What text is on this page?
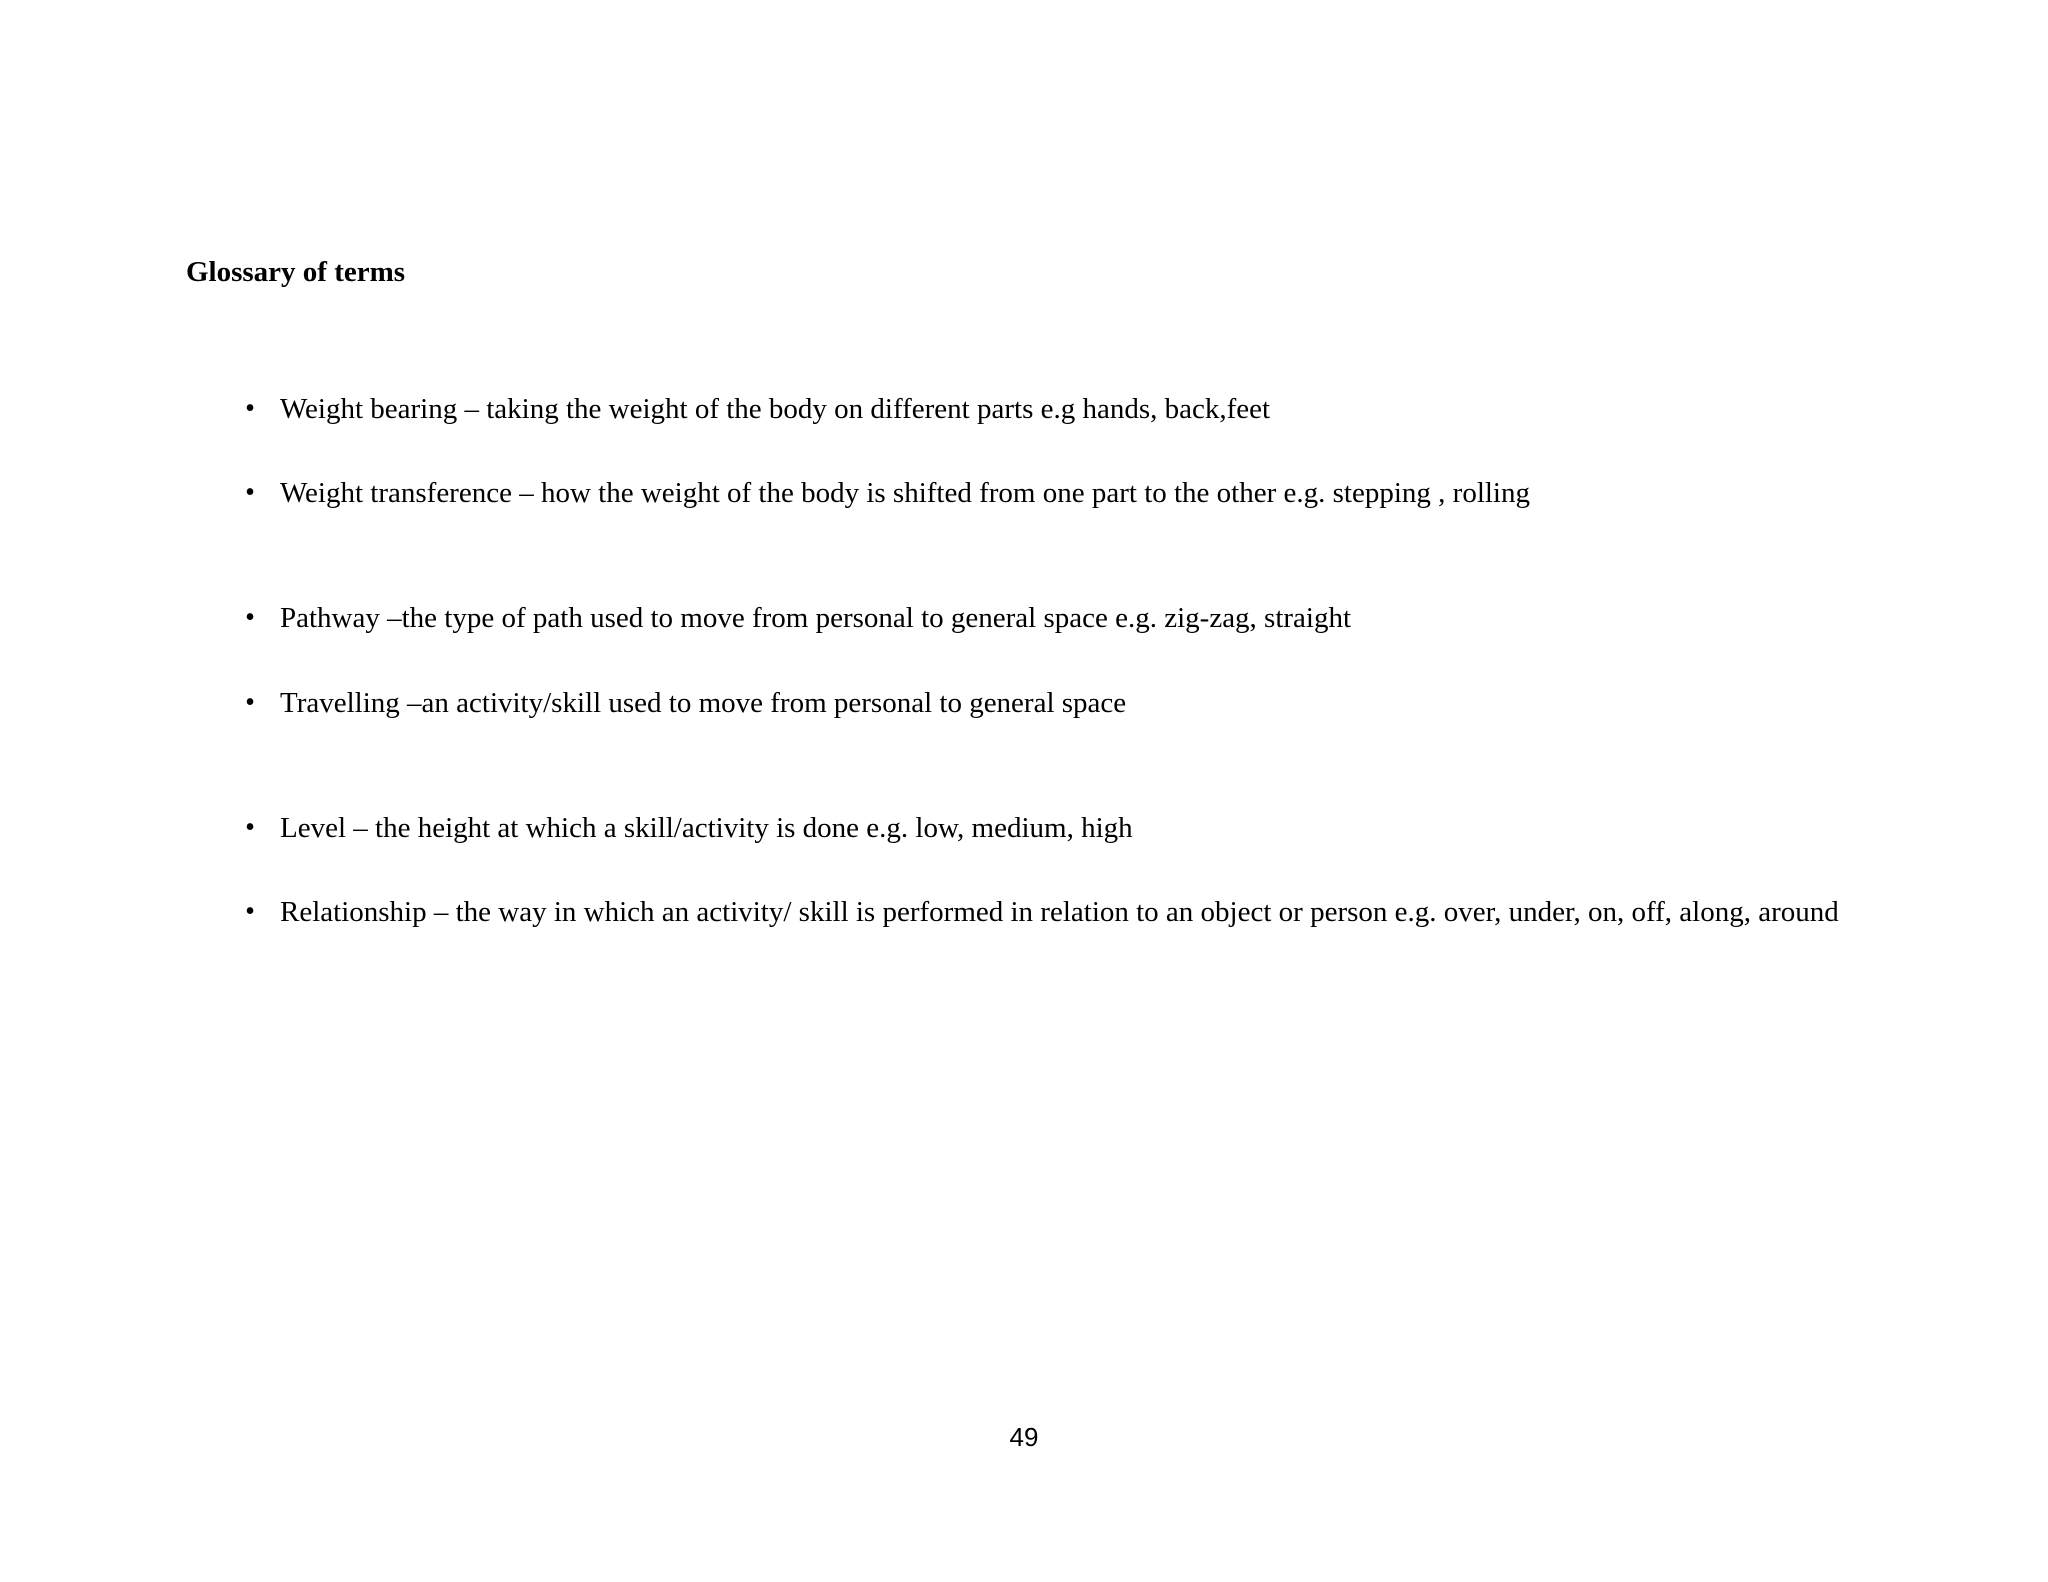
Glossary of terms
• Weight bearing – taking the weight of the body on different parts e.g hands, back,feet
• Weight transference – how the weight of the body is shifted from one part to the other e.g. stepping , rolling
• Pathway –the type of path used to move from personal to general space e.g. zig-zag, straight
• Travelling –an activity/skill used to move from personal to general space
• Level – the height at which a skill/activity is done e.g. low, medium, high
• Relationship – the way in which an activity/ skill is performed in relation to an object or person e.g. over, under, on, off, along, around
49
